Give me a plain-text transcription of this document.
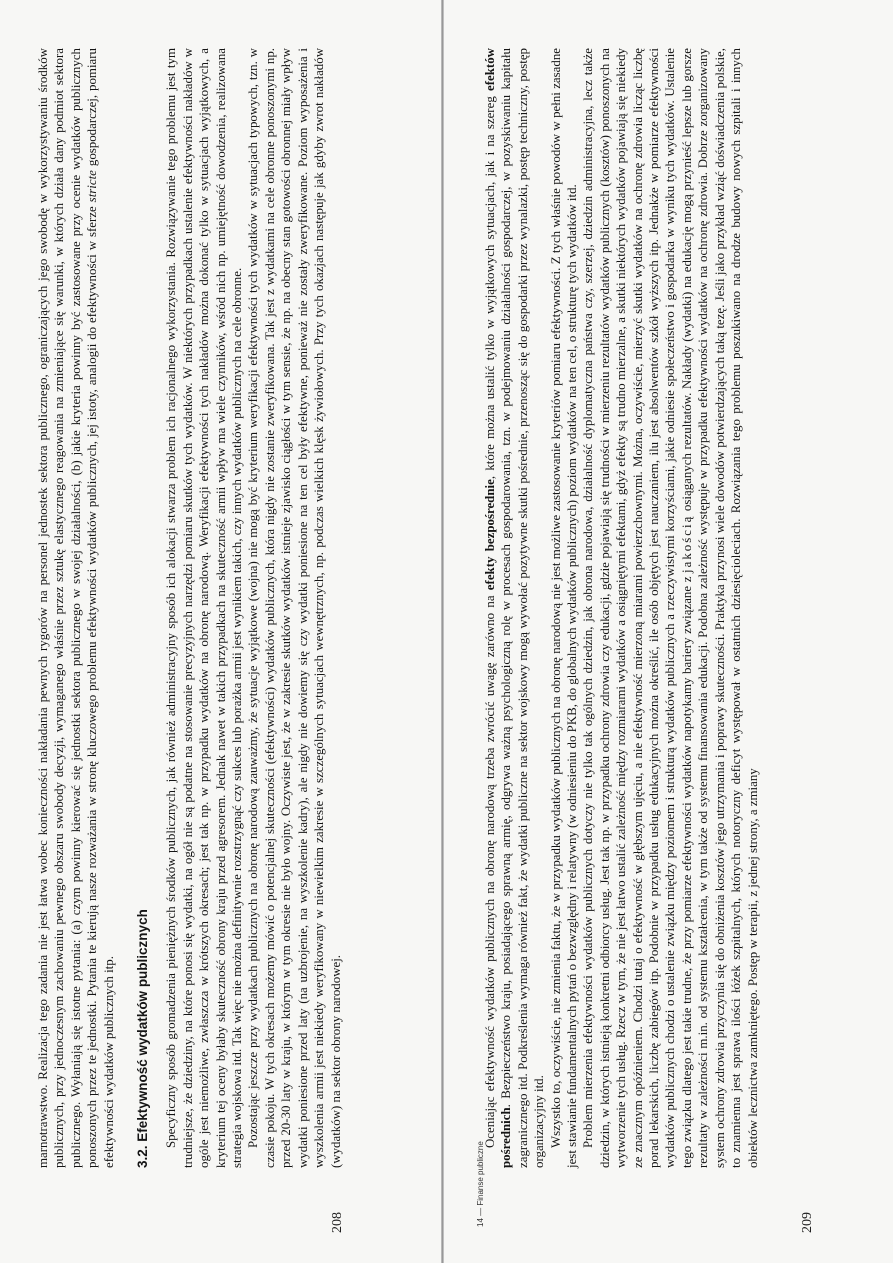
208

marnotrawstwo. Realizacja tego zadania nie jest łatwa wobec konieczności nakładania pewnych rygorów na personel jednostek sektora publicznego, ograniczających jego swobodę w wykorzystywaniu środków publicznych, przy jednoczesnym zachowaniu pewnego obszaru swobody decyzji, wymaganego właśnie przez sztukę elastycznego reagowania na zmieniające się warunki, w których działa dany podmiot sektora publicznego. Wyłaniają się istotne pytania: (a) czym powinny kierować się jednostki sektora publicznego w swojej działalności, (b) jakie kryteria powinny być zastosowane przy ocenie wydatków publicznych ponoszonych przez te jednostki. Pytania te kierują nasze rozważania w stronę kluczowego problemu efektywności wydatków publicznych, jej istoty, analogii do efektywności w sferze stricte gospodarczej, pomiaru efektywności wydatków publicznych itp. 3.2. Efektywność wydatków publicznych Specyficzny sposób gromadzenia pieniężnych środków publicznych, jak również administracyjny sposób ich alokacji stwarza problem ich racjonalnego wykorzystania. Rozwiązywanie tego problemu jest tym trudniejsze, że dziedziny, na które ponosi się wydatki, na ogół nie są podatne na stosowanie precyzyjnych narzędzi pomiaru skutków tych wydatków. W niektórych przypadkach ustalenie efektywności nakładów w ogóle jest niemożliwe, zwłaszcza w krótszych okresach; jest tak np. w przypadku wydatków na obronę narodową. Weryfikacji efektywności tych nakładów można dokonać tylko w sytuacjach wyjątkowych, a kryterium tej oceny byłaby skuteczność obrony kraju przed agresorem. Jednak nawet w takich przypadkach na skuteczność armii wpływ ma wiele czynników, wśród nich np. umiejętność dowodzenia, realizowana strategia wojskowa itd. Tak więc nie można definitywnie rozstrzygnąć czy sukces lub porażka armii jest wynikiem takich, czy innych wydatków publicznych na cele obronne. Pozostając jeszcze przy wydatkach publicznych na obronę narodową zauważmy, że sytuacje wyjątkowe (wojna) nie mogą być kryterium weryfikacji efektywności tych wydatków w sytuacjach typowych, tzn. w czasie pokoju. W tych okresach możemy mówić o potencjalnej skuteczności (efektywności) wydatków publicznych, która nigdy nie zostanie zweryfikowana. Tak jest z wydatkami na cele obronne ponoszonymi np. przed 20-30 laty w kraju, w którym w tym okresie nie było wojny. Oczywiste jest, że w zakresie skutków wydatków istnieje zjawisko ciągłości w tym sensie, że np. na obecny stan gotowości obronnej miały wpływ wydatki poniesione przed laty (na uzbrojenie, na wyszkolenie kadry), ale nigdy nie dowiemy się czy wydatki poniesione na ten cel były efektywne, ponieważ nie zostały zweryfikowane. Poziom wyposażenia i wyszkolenia armii jest niekiedy weryfikowany w niewielkim zakresie w szczególnych sytuacjach wewnętrznych, np. podczas wielkich klęsk żywiołowych. Przy tych okazjach następuje jak gdyby zwrot nakładów (wydatków) na sektor obrony narodowej.

14 — Finanse publiczne	209

Oceniając efektywność wydatków publicznych na obronę narodową trzeba zwrócić uwagę zarówno na efekty bezpośrednie, które można ustalić tylko w wyjątkowych sytuacjach, jak i na szereg efektów pośrednich. Bezpieczeństwo kraju, posiadającego sprawną armię, odgrywa ważną psychologiczną rolę w procesach gospodarowania, tzn. w podejmowaniu działalności gospodarczej, w pozyskiwaniu kapitału zagranicznego itd. Podkreślenia wymaga również fakt, że wydatki publiczne na sektor wojskowy mogą wywołać pozytywne skutki pośrednie, przenosząc się do gospodarki przez wynalazki, postęp techniczny, postęp organizacyjny itd. Wszystko to, oczywiście, nie zmienia faktu, że w przypadku wydatków publicznych na obronę narodową nie jest możliwe zastosowanie kryteriów pomiaru efektywności. Z tych właśnie powodów w pełni zasadne jest stawianie fundamentalnych pytań o bezwzględny i relatywny (w odniesieniu do PKB, do globalnych wydatków publicznych) poziom wydatków na ten cel, o strukturę tych wydatków itd. Problem mierzenia efektywności wydatków publicznych dotyczy nie tylko tak ogólnych dziedzin, jak obrona narodowa, działalność dyplomatyczna państwa czy, szerzej, dziedzin administracyjna, lecz także dziedzin, w których istnieją konkretni odbiorcy usług. Jest tak np. w przypadku ochrony zdrowia czy edukacji, gdzie pojawiają się trudności w mierzeniu rezultatów wydatków publicznych (kosztów) ponoszonych na wytworzenie tych usług. Rzecz w tym, że nie jest łatwo ustalić zależność między rozmiarami wydatków a osiągniętymi efektami, gdyż efekty są trudno mierzalne, a skutki niektórych wydatków pojawiają się niekiedy ze znacznym opóźnieniem. Chodzi tutaj o efektywność w głębszym ujęciu, a nie efektywność mierzoną miarami powierzchownymi. Można, oczywiście, mierzyć skutki wydatków na ochronę zdrowia licząc liczbę porad lekarskich, liczbę zabiegów itp. Podobnie w przypadku usług edukacyjnych można określić, ile osób objętych jest nauczaniem, ilu jest absolwentów szkół wyższych itp. Jednakże w pomiarze efektywności wydatków publicznych chodzi o ustalenie związku między poziomem i strukturą wydatków publicznych a rzeczywistymi korzyściami, jakie odniesie społeczeństwo i gospodarka w wyniku tych wydatków. Ustalenie tego związku dlatego jest takie trudne, że przy pomiarze efektywności wydatków napotykamy bariery związane z jakością osiąganych rezultatów. Nakłady (wydatki) na edukację mogą przynieść lepsze lub gorsze rezultaty w zależności m.in. od systemu kształcenia, w tym także od systemu finansowania edukacji. Podobna zależność występuje w przypadku efektywności wydatków na ochronę zdrowia. Dobrze zorganizowany system ochrony zdrowia przyczynia się do obniżenia kosztów jego utrzymania i poprawy skuteczności. Praktyka przynosi wiele dowodów potwierdzających taką tezę. Jeśli jako przykład wziąć doświadczenia polskie, to znamienna jest sprawa ilości łóżek szpitalnych, których notoryczny deficyt występował w ostatnich dziesięcioleciach. Rozwiązania tego problemu poszukiwano na drodze budowy nowych szpitali i innych obiektów lecznictwa zamkniętego. Postęp w terapii, z jednej strony, a zmiany
